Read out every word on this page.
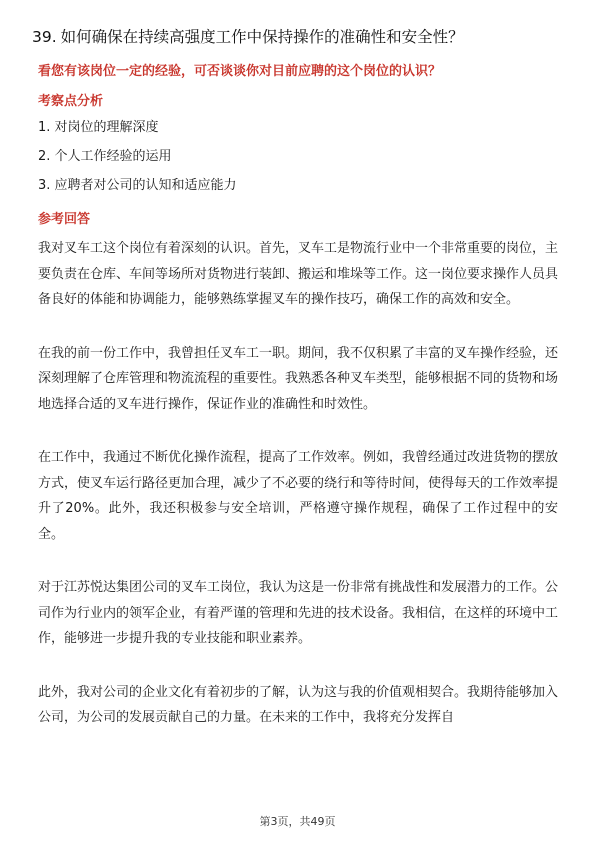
39. 如何确保在持续高强度工作中保持操作的准确性和安全性？
看您有该岗位一定的经验，可否谈谈你对目前应聘的这个岗位的认识？
考察点分析
1. 对岗位的理解深度
2. 个人工作经验的运用
3. 应聘者对公司的认知和适应能力
参考回答

我对叉车工这个岗位有着深刻的认识。首先，叉车工是物流行业中一个非常重要的岗位，主要负责在仓库、车间等场所对货物进行装卸、搬运和堆垛等工作。这一岗位要求操作人员具备良好的体能和协调能力，能够熟练掌握叉车的操作技巧，确保工作的高效和安全。

在我的前一份工作中，我曾担任叉车工一职。期间，我不仅积累了丰富的叉车操作经验，还深刻理解了仓库管理和物流流程的重要性。我熟悉各种叉车类型，能够根据不同的货物和场地选择合适的叉车进行操作，保证作业的准确性和时效性。

在工作中，我通过不断优化操作流程，提高了工作效率。例如，我曾经通过改进货物的摆放方式，使叉车运行路径更加合理，减少了不必要的绕行和等待时间，使得每天的工作效率提升了20%。此外，我还积极参与安全培训，严格遵守操作规程，确保了工作过程中的安全。

对于江苏悦达集团公司的叉车工岗位，我认为这是一份非常有挑战性和发展潜力的工作。公司作为行业内的领军企业，有着严谨的管理和先进的技术设备。我相信，在这样的环境中工作，能够进一步提升我的专业技能和职业素养。

此外，我对公司的企业文化有着初步的了解，认为这与我的价值观相契合。我期待能够加入公司，为公司的发展贡献自己的力量。在未来的工作中，我将充分发挥自

第3页，共49页
